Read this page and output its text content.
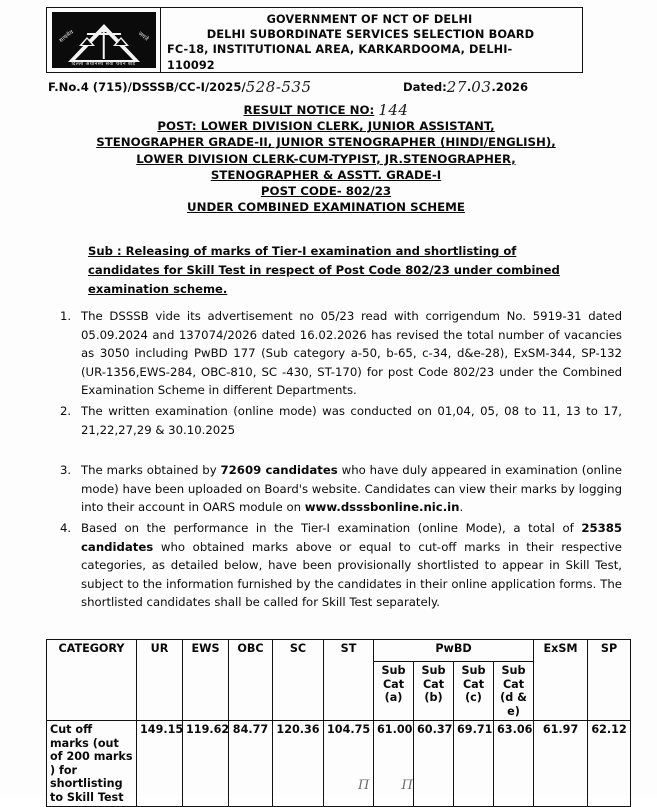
सत्यमेव	जयते
दिल्ली अधीनस्थ सेवा चयन बोर्ड
GOVERNMENT OF NCT OF DELHI
DELHI SUBORDINATE SERVICES SELECTION BOARD
FC-18, INSTITUTIONAL AREA, KARKARDOOMA, DELHI-
110092
F.No.4 (715)/DSSSB/CC-I/2025/528-535	Dated:27.03.2026
RESULT NOTICE NO: 144
POST: LOWER DIVISION CLERK, JUNIOR ASSISTANT,
STENOGRAPHER GRADE-II, JUNIOR STENOGRAPHER (HINDI/ENGLISH),
LOWER DIVISION CLERK-CUM-TYPIST, JR.STENOGRAPHER,
STENOGRAPHER & ASSTT. GRADE-I
POST CODE- 802/23
UNDER COMBINED EXAMINATION SCHEME
Sub : Releasing of marks of Tier-I examination and shortlisting of candidates for Skill Test in respect of Post Code 802/23 under combined examination scheme.
1. The DSSSB vide its advertisement no 05/23 read with corrigendum No. 5919-31 dated 05.09.2024 and 137074/2026 dated 16.02.2026 has revised the total number of vacancies as 3050 including PwBD 177 (Sub category a-50, b-65, c-34, d&e-28), ExSM-344, SP-132 (UR-1356,EWS-284, OBC-810, SC -430, ST-170) for post Code 802/23 under the Combined Examination Scheme in different Departments.
2. The written examination (online mode) was conducted on 01,04, 05, 08 to 11, 13 to 17, 21,22,27,29 & 30.10.2025
3. The marks obtained by 72609 candidates who have duly appeared in examination (online mode) have been uploaded on Board's website. Candidates can view their marks by logging into their account in OARS module on www.dsssbonline.nic.in.
4. Based on the performance in the Tier-I examination (online Mode), a total of 25385 candidates who obtained marks above or equal to cut-off marks in their respective categories, as detailed below, have been provisionally shortlisted to appear in Skill Test, subject to the information furnished by the candidates in their online application forms. The shortlisted candidates shall be called for Skill Test separately.
CATEGORY	UR	EWS	OBC	SC	ST	PwBD				ExSM	SP
						Sub Cat (a)	Sub Cat (b)	Sub Cat (c)	Sub Cat (d & e)		
Cut off marks (out of 200 marks ) for shortlisting to Skill Test	149.15	119.62	84.77	120.36	104.75	61.00	60.37	69.71	63.06	61.97	62.12
Π Π
